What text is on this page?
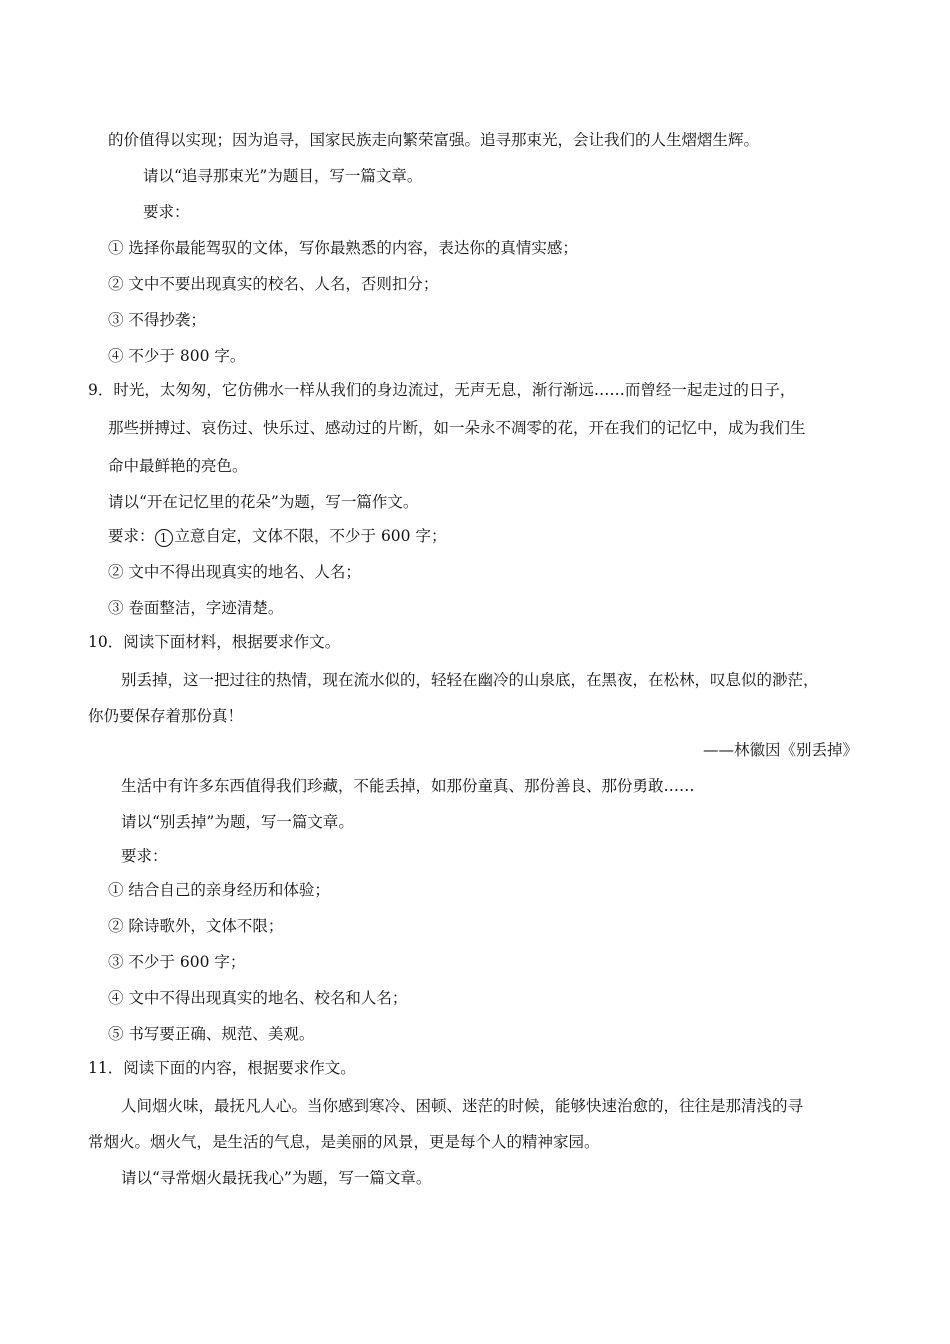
的价值得以实现；因为追寻，国家民族走向繁荣富强。追寻那束光，会让我们的人生熠熠生辉。
请以“追寻那束光”为题目，写一篇文章。
要求：
① 选择你最能驾驭的文体，写你最熟悉的内容，表达你的真情实感；
② 文中不要出现真实的校名、人名，否则扣分；
③ 不得抄袭；
④ 不少于 800 字。
9．时光，太匆匆，它仿佛水一样从我们的身边流过，无声无息，渐行渐远……而曾经一起走过的日子，
那些拼搏过、哀伤过、快乐过、感动过的片断，如一朵永不凋零的花，开在我们的记忆中，成为我们生
命中最鲜艳的亮色。
请以“开在记忆里的花朵”为题，写一篇作文。
要求： 1 立意自定，文体不限，不少于 600 字；
② 文中不得出现真实的地名、人名；
③ 卷面整洁，字迹清楚。
10．阅读下面材料，根据要求作文。
别丢掉，这一把过往的热情，现在流水似的，轻轻在幽冷的山泉底，在黑夜，在松林，叹息似的渺茫，
你仍要保存着那份真！
——林徽因《别丢掉》
生活中有许多东西值得我们珍藏，不能丢掉，如那份童真、那份善良、那份勇敢……
请以“别丢掉”为题，写一篇文章。
要求：
① 结合自己的亲身经历和体验；
② 除诗歌外，文体不限；
③ 不少于 600 字；
④ 文中不得出现真实的地名、校名和人名；
⑤ 书写要正确、规范、美观。
11．阅读下面的内容，根据要求作文。
人间烟火味，最抚凡人心。当你感到寒冷、困顿、迷茫的时候，能够快速治愈的，往往是那清浅的寻
常烟火。烟火气，是生活的气息，是美丽的风景，更是每个人的精神家园。
请以“寻常烟火最抚我心”为题，写一篇文章。
